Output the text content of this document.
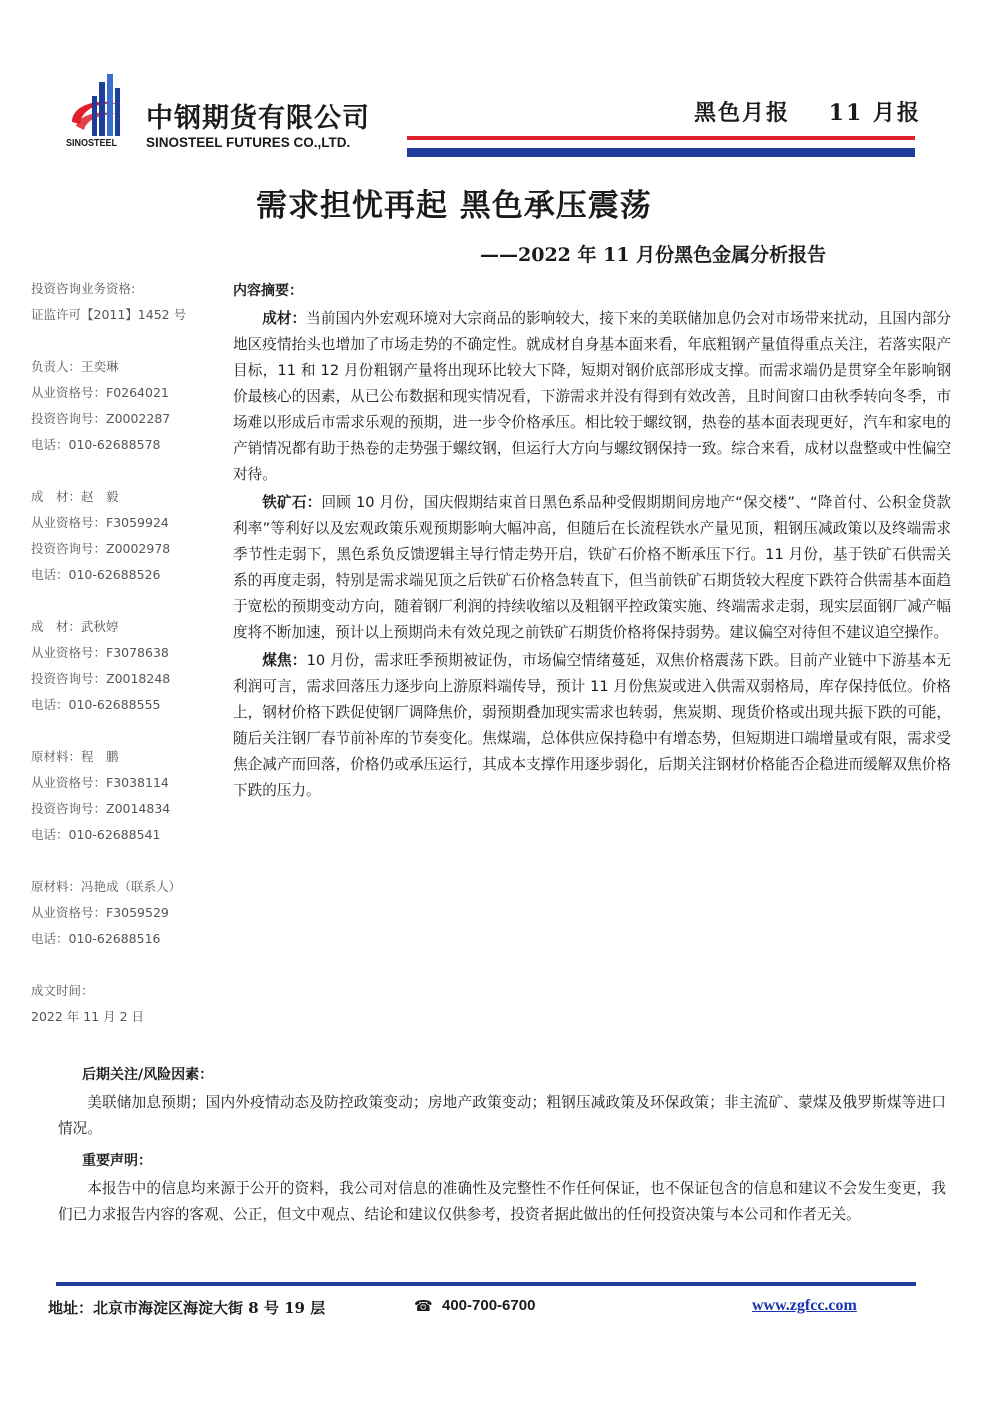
SINOSTEEL
中钢期货有限公司
SINOSTEEL FUTURES CO.,LTD.
黑色月报    11 月报
需求担忧再起 黑色承压震荡
——2022 年 11 月份黑色金属分析报告
投资咨询业务资格:
证监许可【2011】1452 号
负责人：王奕琳
从业资格号：F0264021
投资咨询号：Z0002287
电话：010-62688578
成　材：赵　毅
从业资格号：F3059924
投资咨询号：Z0002978
电话：010-62688526
成　材：武秋婷
从业资格号：F3078638
投资咨询号：Z0018248
电话：010-62688555
原材料：程　鹏
从业资格号：F3038114
投资咨询号：Z0014834
电话：010-62688541
原材料：冯艳成（联系人）
从业资格号：F3059529
电话：010-62688516
成文时间：
2022 年 11 月 2 日
内容摘要：

成材：当前国内外宏观环境对大宗商品的影响较大，接下来的美联储加息仍会对市场带来扰动，且国内部分地区疫情抬头也增加了市场走势的不确定性。就成材自身基本面来看，年底粗钢产量值得重点关注，若落实限产目标，11 和 12 月份粗钢产量将出现环比较大下降，短期对钢价底部形成支撑。而需求端仍是贯穿全年影响钢价最核心的因素，从已公布数据和现实情况看，下游需求并没有得到有效改善，且时间窗口由秋季转向冬季，市场难以形成后市需求乐观的预期，进一步令价格承压。相比较于螺纹钢，热卷的基本面表现更好，汽车和家电的产销情况都有助于热卷的走势强于螺纹钢，但运行大方向与螺纹钢保持一致。综合来看，成材以盘整或中性偏空对待。

铁矿石：回顾 10 月份，国庆假期结束首日黑色系品种受假期期间房地产“保交楼”、“降首付、公积金贷款利率”等利好以及宏观政策乐观预期影响大幅冲高，但随后在长流程铁水产量见顶，粗钢压减政策以及终端需求季节性走弱下，黑色系负反馈逻辑主导行情走势开启，铁矿石价格不断承压下行。11 月份，基于铁矿石供需关系的再度走弱，特别是需求端见顶之后铁矿石价格急转直下，但当前铁矿石期货较大程度下跌符合供需基本面趋于宽松的预期变动方向，随着钢厂利润的持续收缩以及粗钢平控政策实施、终端需求走弱，现实层面钢厂减产幅度将不断加速，预计以上预期尚未有效兑现之前铁矿石期货价格将保持弱势。建议偏空对待但不建议追空操作。

煤焦：10 月份，需求旺季预期被证伪，市场偏空情绪蔓延，双焦价格震荡下跌。目前产业链中下游基本无利润可言，需求回落压力逐步向上游原料端传导，预计 11 月份焦炭或进入供需双弱格局，库存保持低位。价格上，钢材价格下跌促使钢厂调降焦价，弱预期叠加现实需求也转弱，焦炭期、现货价格或出现共振下跌的可能，随后关注钢厂春节前补库的节奏变化。焦煤端，总体供应保持稳中有增态势，但短期进口端增量或有限，需求受焦企减产而回落，价格仍或承压运行，其成本支撑作用逐步弱化，后期关注钢材价格能否企稳进而缓解双焦价格下跌的压力。

后期关注/风险因素：

美联储加息预期；国内外疫情动态及防控政策变动；房地产政策变动；粗钢压减政策及环保政策；非主流矿、蒙煤及俄罗斯煤等进口情况。

重要声明：

本报告中的信息均来源于公开的资料，我公司对信息的准确性及完整性不作任何保证，也不保证包含的信息和建议不会发生变更，我们已力求报告内容的客观、公正，但文中观点、结论和建议仅供参考，投资者据此做出的任何投资决策与本公司和作者无关。

地址：北京市海淀区海淀大街 8 号 19 层	☎ 400-700-6700	www.zgfcc.com
